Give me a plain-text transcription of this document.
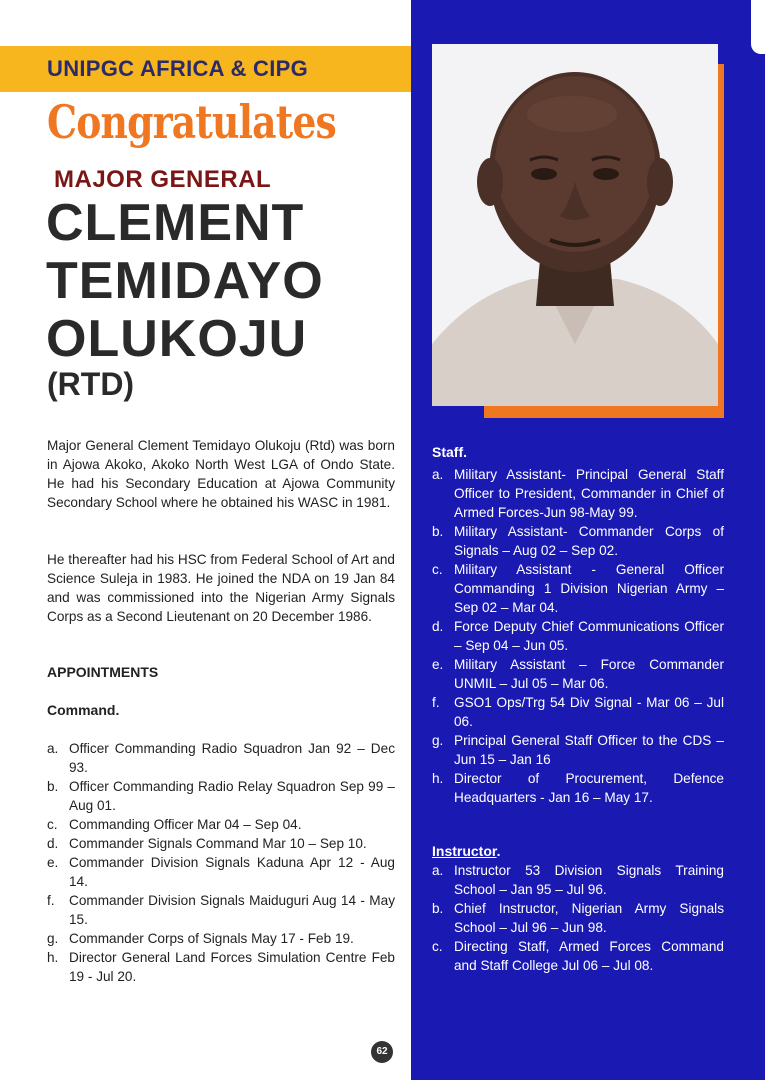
UNIPGC AFRICA & CIPG
Congratulates
MAJOR GENERAL
CLEMENT
TEMIDAYO
OLUKOJU
(RTD)

Major General Clement Temidayo Olukoju (Rtd) was born in Ajowa Akoko, Akoko North West LGA of Ondo State. He had his Secondary Education at Ajowa Community Secondary School where he obtained his WASC in 1981.

He thereafter had his HSC from Federal School of Art and Science Suleja in 1983. He joined the NDA on 19 Jan 84 and was commissioned into the Nigerian Army Signals Corps as a Second Lieutenant on 20 December 1986.

APPOINTMENTS

Command.

a. Officer Commanding Radio Squadron Jan 92 – Dec 93.
b. Officer Commanding Radio Relay Squadron Sep 99 – Aug 01.
c. Commanding Officer Mar 04 – Sep 04.
d. Commander Signals Command Mar 10 – Sep 10.
e. Commander Division Signals Kaduna Apr 12 - Aug 14.
f. Commander Division Signals Maiduguri Aug 14 - May 15.
g. Commander Corps of Signals May 17 - Feb 19.
h. Director General Land Forces Simulation Centre Feb 19 - Jul 20.

Staff.

a. Military Assistant- Principal General Staff Officer to President, Commander in Chief of Armed Forces-Jun 98-May 99.
b. Military Assistant- Commander Corps of Signals – Aug 02 – Sep 02.
c. Military Assistant - General Officer Commanding 1 Division Nigerian Army – Sep 02 – Mar 04.
d. Force Deputy Chief Communications Officer – Sep 04 – Jun 05.
e. Military Assistant – Force Commander UNMIL – Jul 05 – Mar 06.
f. GSO1 Ops/Trg 54 Div Signal - Mar 06 – Jul 06.
g. Principal General Staff Officer to the CDS – Jun 15 – Jan 16
h. Director of Procurement, Defence Headquarters - Jan 16 – May 17.

Instructor.

a. Instructor 53 Division Signals Training School – Jan 95 – Jul 96.
b. Chief Instructor, Nigerian Army Signals School – Jul 96 – Jun 98.
c. Directing Staff, Armed Forces Command and Staff College Jul 06 – Jul 08.
62
